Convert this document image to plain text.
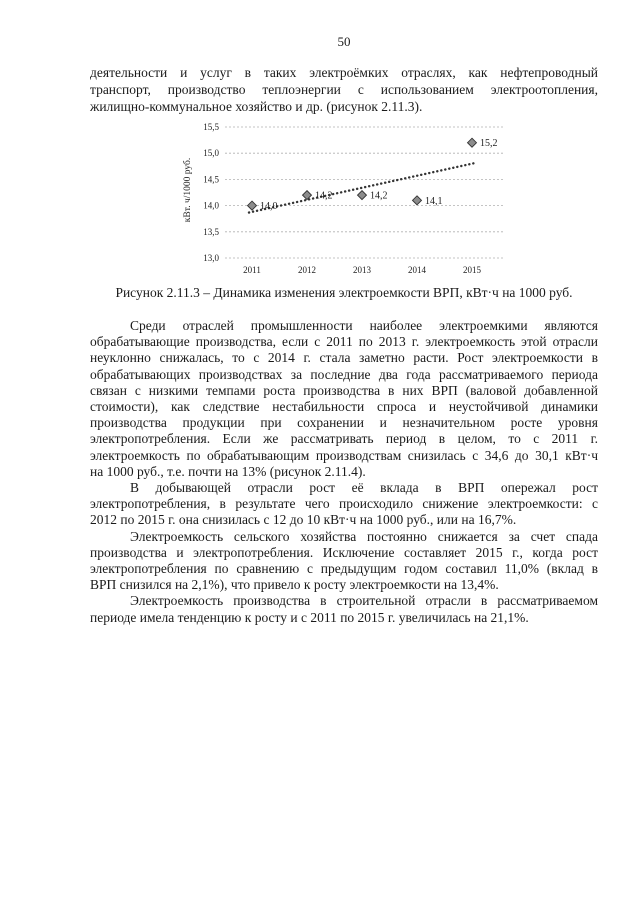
50
деятельности и услуг в таких электроёмких отраслях, как нефтепроводный
транспорт, производство теплоэнергии с использованием электроотопления,
жилищно-коммунальное хозяйство и др. (рисунок 2.11.3).
13,0
13,5
14,0
14,5
15,0
15,5
2011	2012	2013	2014	2015
кВт. ч/1000 руб.	14,0
14,2	14,2	14,1
15,2
Рисунок 2.11.3 – Динамика изменения электроемкости ВРП, кВт·ч на 1000 руб.
Среди отраслей промышленности наиболее электроемкими являются
обрабатывающие производства, если с 2011 по 2013 г. электроемкость этой отрасли
неуклонно снижалась, то с 2014 г. стала заметно расти. Рост электроемкости в
обрабатывающих производствах за последние два года рассматриваемого периода
связан с низкими темпами роста производства в них ВРП (валовой добавленной
стоимости), как следствие нестабильности спроса и неустойчивой динамики
производства продукции при сохранении и незначительном росте уровня
электропотребления. Если же рассматривать период в целом, то с 2011 г.
электроемкость по обрабатывающим производствам снизилась с 34,6 до 30,1 кВт·ч
на 1000 руб., т.е. почти на 13% (рисунок 2.11.4).
В добывающей отрасли рост её вклада в ВРП опережал рост
электропотребления, в результате чего происходило снижение электроемкости: с
2012 по 2015 г. она снизилась с 12 до 10 кВт·ч на 1000 руб., или на 16,7%.
Электроемкость сельского хозяйства постоянно снижается за счет спада
производства и электропотребления. Исключение составляет 2015 г., когда рост
электропотребления по сравнению с предыдущим годом составил 11,0% (вклад в
ВРП снизился на 2,1%), что привело к росту электроемкости на 13,4%.
Электроемкость производства в строительной отрасли в рассматриваемом
периоде имела тенденцию к росту и с 2011 по 2015 г. увеличилась на 21,1%.
